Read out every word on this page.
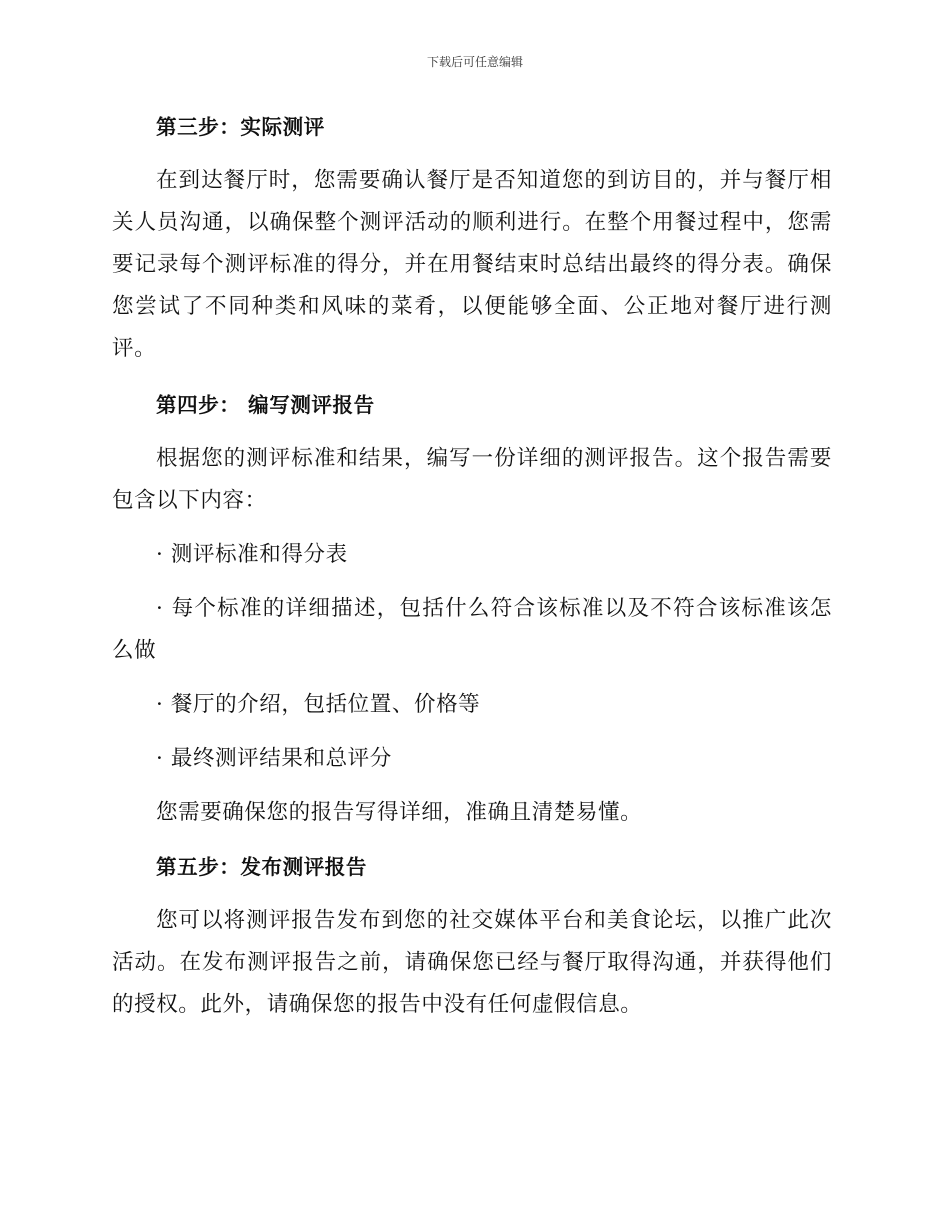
下载后可任意编辑
第三步：实际测评

在到达餐厅时，您需要确认餐厅是否知道您的到访目的，并与餐厅相关人员沟通，以确保整个测评活动的顺利进行。在整个用餐过程中，您需要记录每个测评标准的得分，并在用餐结束时总结出最终的得分表。确保您尝试了不同种类和风味的菜肴，以便能够全面、公正地对餐厅进行测评。

第四步： 编写测评报告

根据您的测评标准和结果，编写一份详细的测评报告。这个报告需要包含以下内容：

· 测评标准和得分表

· 每个标准的详细描述，包括什么符合该标准以及不符合该标准该怎么做

· 餐厅的介绍，包括位置、价格等

· 最终测评结果和总评分

您需要确保您的报告写得详细，准确且清楚易懂。

第五步：发布测评报告

您可以将测评报告发布到您的社交媒体平台和美食论坛，以推广此次活动。在发布测评报告之前，请确保您已经与餐厅取得沟通，并获得他们的授权。此外，请确保您的报告中没有任何虚假信息。
